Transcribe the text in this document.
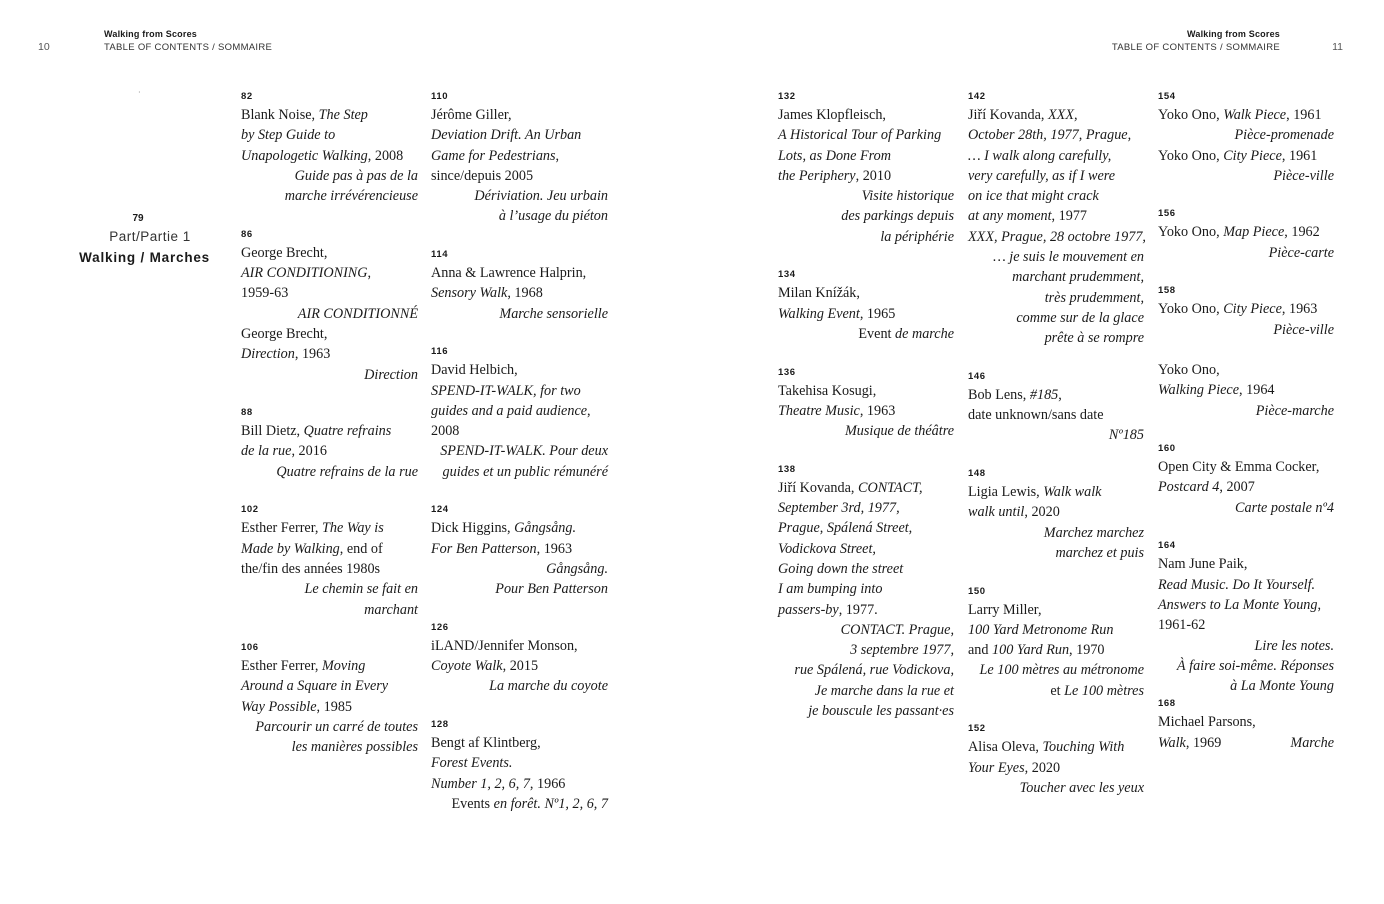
10
Walking from Scores
TABLE OF CONTENTS / SOMMAIRE
Walking from Scores
TABLE OF CONTENTS / SOMMAIRE	11
·
79
Part/Partie 1
Walking / Marches
82
Blank Noise, The Step
by Step Guide to
Unapologetic Walking, 2008
Guide pas à pas de la
marche irrévérencieuse
86
George Brecht,
AIR CONDITIONING,
1959-63
AIR CONDITIONNÉ
George Brecht,
Direction, 1963
Direction
88
Bill Dietz, Quatre refrains
de la rue, 2016
Quatre refrains de la rue
102
Esther Ferrer, The Way is
Made by Walking, end of
the/fin des années 1980s
Le chemin se fait en
marchant
106
Esther Ferrer, Moving
Around a Square in Every
Way Possible, 1985
Parcourir un carré de toutes
les manières possibles
110
Jérôme Giller,
Deviation Drift. An Urban
Game for Pedestrians,
since/depuis 2005
Dériviation. Jeu urbain
à l’usage du piéton
114
Anna & Lawrence Halprin,
Sensory Walk, 1968
Marche sensorielle
116
David Helbich,
SPEND-IT-WALK, for two
guides and a paid audience,
2008
SPEND-IT-WALK. Pour deux
guides et un public rémunéré
124
Dick Higgins, Gångsång.
For Ben Patterson, 1963
Gångsång.
Pour Ben Patterson
126
iLAND/Jennifer Monson,
Coyote Walk, 2015
La marche du coyote
128
Bengt af Klintberg,
Forest Events.
Number 1, 2, 6, 7, 1966
Events en forêt. Nº1, 2, 6, 7
132
James Klopfleisch,
A Historical Tour of Parking
Lots, as Done From
the Periphery, 2010
Visite historique
des parkings depuis
la périphérie
134
Milan Knížák,
Walking Event, 1965
Event de marche
136
Takehisa Kosugi,
Theatre Music, 1963
Musique de théâtre
138
Jiří Kovanda, CONTACT,
September 3rd, 1977,
Prague, Spálená Street,
Vodickova Street,
Going down the street
I am bumping into
passers-by, 1977.
CONTACT. Prague,
3 septembre 1977,
rue Spálená, rue Vodickova,
Je marche dans la rue et
je bouscule les passant·es
142
Jiří Kovanda, XXX,
October 28th, 1977, Prague,
… I walk along carefully,
very carefully, as if I were
on ice that might crack
at any moment, 1977
XXX, Prague, 28 octobre 1977,
… je suis le mouvement en
marchant prudemment,
très prudemment,
comme sur de la glace
prête à se rompre
146
Bob Lens, #185,
date unknown/sans date
Nº185
148
Ligia Lewis, Walk walk
walk until, 2020
Marchez marchez
marchez et puis
150
Larry Miller,
100 Yard Metronome Run
and 100 Yard Run, 1970
Le 100 mètres au métronome
et Le 100 mètres
152
Alisa Oleva, Touching With
Your Eyes, 2020
Toucher avec les yeux
154
Yoko Ono, Walk Piece, 1961
Pièce-promenade
Yoko Ono, City Piece, 1961
Pièce-ville
156
Yoko Ono, Map Piece, 1962
Pièce-carte
158
Yoko Ono, City Piece, 1963
Pièce-ville

Yoko Ono,
Walking Piece, 1964
Pièce-marche
160
Open City & Emma Cocker,
Postcard 4, 2007
Carte postale nº4
164
Nam June Paik,
Read Music. Do It Yourself.
Answers to La Monte Young,
1961-62
Lire les notes.
À faire soi-même. Réponses
à La Monte Young
168
Michael Parsons,
Walk, 1969	Marche
